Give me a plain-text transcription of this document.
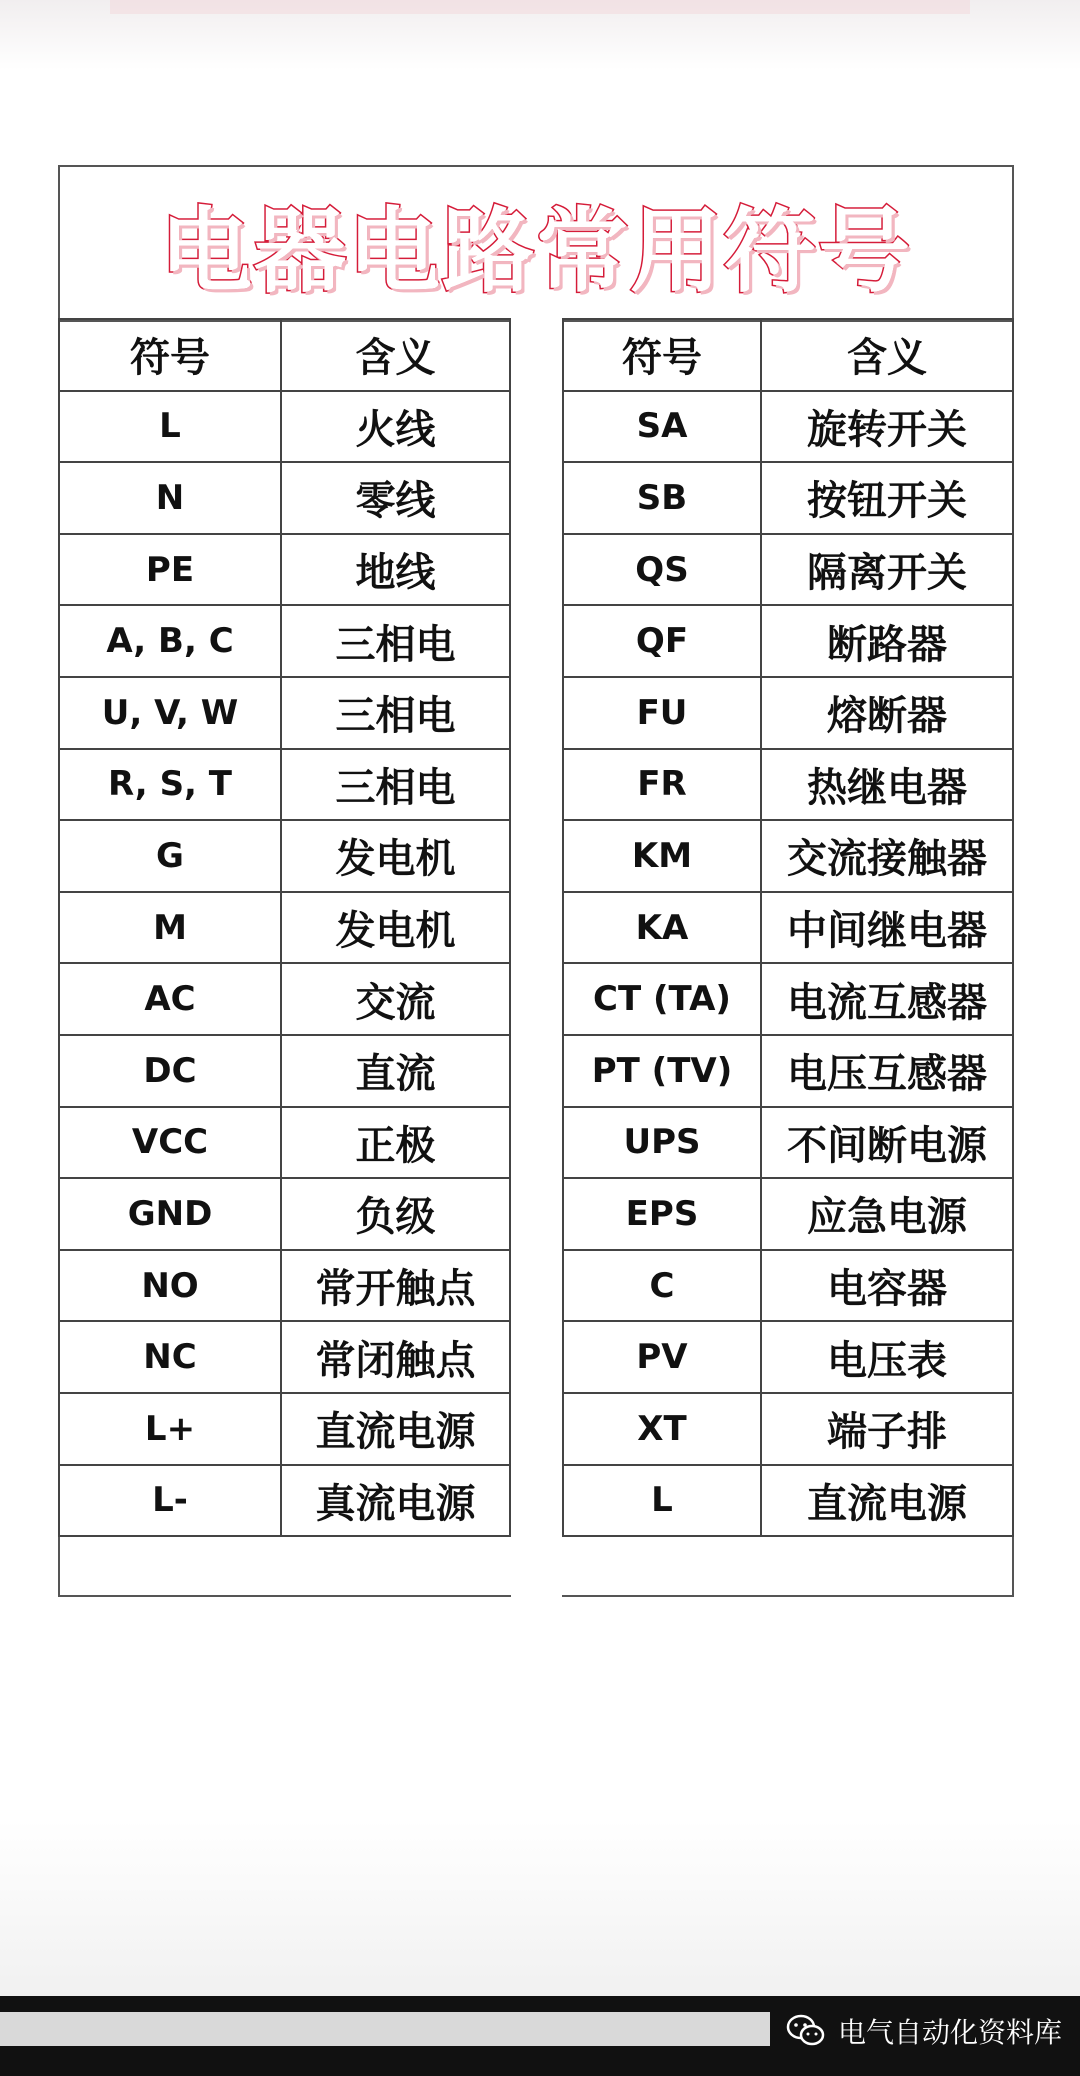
电器电路常用符号
符号	含义
L	火线
N	零线
PE	地线
A, B, C	三相电
U, V, W	三相电
R, S, T	三相电
G	发电机
M	发电机
AC	交流
DC	直流
VCC	正极
GND	负级
NO	常开触点
NC	常闭触点
L+	直流电源
L-	真流电源
符号	含义
SA	旋转开关
SB	按钮开关
QS	隔离开关
QF	断路器
FU	熔断器
FR	热继电器
KM	交流接触器
KA	中间继电器
CT (TA)	电流互感器
PT (TV)	电压互感器
UPS	不间断电源
EPS	应急电源
C	电容器
PV	电压表
XT	端子排
L	直流电源
电气自动化资料库
